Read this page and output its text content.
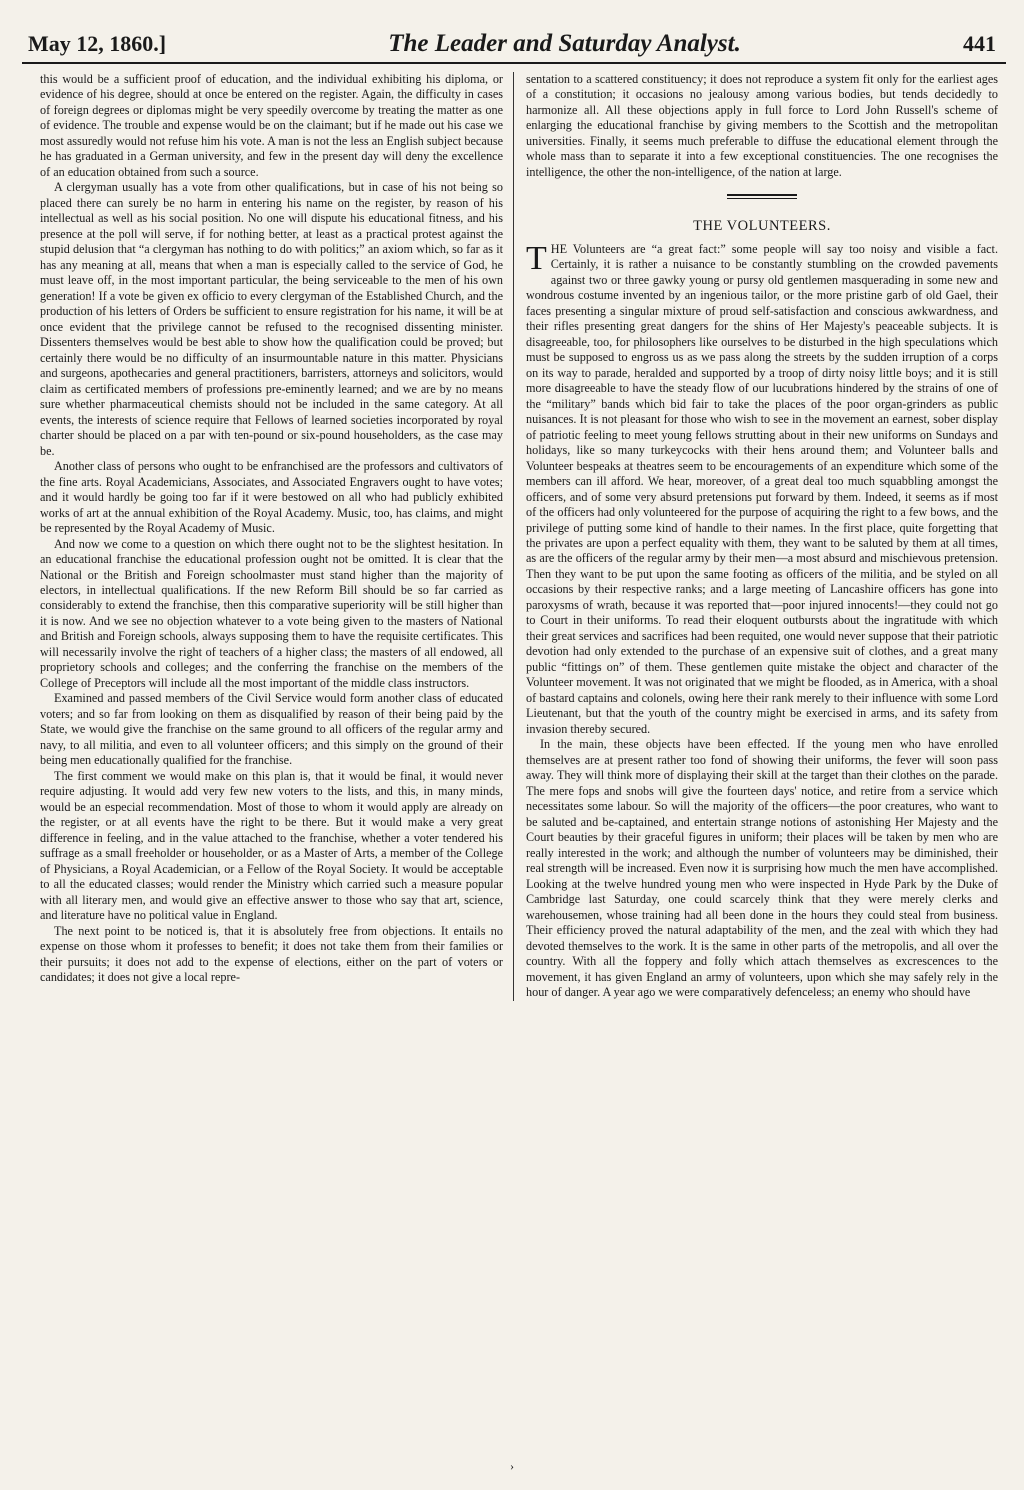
May 12, 1860.]	The Leader and Saturday Analyst.	441

this would be a sufficient proof of education, and the individual exhibiting his diploma, or evidence of his degree, should at once be entered on the register. Again, the difficulty in cases of foreign degrees or diplomas might be very speedily overcome by treating the matter as one of evidence. The trouble and expense would be on the claimant; but if he made out his case we most assuredly would not refuse him his vote. A man is not the less an English subject because he has graduated in a German university, and few in the present day will deny the excellence of an education obtained from such a source.

A clergyman usually has a vote from other qualifications, but in case of his not being so placed there can surely be no harm in entering his name on the register, by reason of his intellectual as well as his social position. No one will dispute his educational fitness, and his presence at the poll will serve, if for nothing better, at least as a practical protest against the stupid delusion that “a clergyman has nothing to do with politics;” an axiom which, so far as it has any meaning at all, means that when a man is especially called to the service of God, he must leave off, in the most important particular, the being serviceable to the men of his own generation! If a vote be given ex officio to every clergyman of the Established Church, and the production of his letters of Orders be sufficient to ensure registration for his name, it will be at once evident that the privilege cannot be refused to the recognised dissenting minister. Dissenters themselves would be best able to show how the qualification could be proved; but certainly there would be no difficulty of an insurmountable nature in this matter. Physicians and surgeons, apothecaries and general practitioners, barristers, attorneys and solicitors, would claim as certificated members of professions pre-eminently learned; and we are by no means sure whether pharmaceutical chemists should not be included in the same category. At all events, the interests of science require that Fellows of learned societies incorporated by royal charter should be placed on a par with ten-pound or six-pound householders, as the case may be.

Another class of persons who ought to be enfranchised are the professors and cultivators of the fine arts. Royal Academicians, Associates, and Associated Engravers ought to have votes; and it would hardly be going too far if it were bestowed on all who had publicly exhibited works of art at the annual exhibition of the Royal Academy. Music, too, has claims, and might be represented by the Royal Academy of Music.

And now we come to a question on which there ought not to be the slightest hesitation. In an educational franchise the educational profession ought not be omitted. It is clear that the National or the British and Foreign schoolmaster must stand higher than the majority of electors, in intellectual qualifications. If the new Reform Bill should be so far carried as considerably to extend the franchise, then this comparative superiority will be still higher than it is now. And we see no objection whatever to a vote being given to the masters of National and British and Foreign schools, always supposing them to have the requisite certificates. This will necessarily involve the right of teachers of a higher class; the masters of all endowed, all proprietory schools and colleges; and the conferring the franchise on the members of the College of Preceptors will include all the most important of the middle class instructors.

Examined and passed members of the Civil Service would form another class of educated voters; and so far from looking on them as disqualified by reason of their being paid by the State, we would give the franchise on the same ground to all officers of the regular army and navy, to all militia, and even to all volunteer officers; and this simply on the ground of their being men educationally qualified for the franchise.

The first comment we would make on this plan is, that it would be final, it would never require adjusting. It would add very few new voters to the lists, and this, in many minds, would be an especial recommendation. Most of those to whom it would apply are already on the register, or at all events have the right to be there. But it would make a very great difference in feeling, and in the value attached to the franchise, whether a voter tendered his suffrage as a small freeholder or householder, or as a Master of Arts, a member of the College of Physicians, a Royal Academician, or a Fellow of the Royal Society. It would be acceptable to all the educated classes; would render the Ministry which carried such a measure popular with all literary men, and would give an effective answer to those who say that art, science, and literature have no political value in England.

The next point to be noticed is, that it is absolutely free from objections. It entails no expense on those whom it professes to benefit; it does not take them from their families or their pursuits; it does not add to the expense of elections, either on the part of voters or candidates; it does not give a local repre-

sentation to a scattered constituency; it does not reproduce a system fit only for the earliest ages of a constitution; it occasions no jealousy among various bodies, but tends decidedly to harmonize all. All these objections apply in full force to Lord John Russell's scheme of enlarging the educational franchise by giving members to the Scottish and the metropolitan universities. Finally, it seems much preferable to diffuse the educational element through the whole mass than to separate it into a few exceptional constituencies. The one recognises the intelligence, the other the non-intelligence, of the nation at large.

THE VOLUNTEERS.

THE Volunteers are “a great fact:” some people will say too noisy and visible a fact. Certainly, it is rather a nuisance to be constantly stumbling on the crowded pavements against two or three gawky young or pursy old gentlemen masquerading in some new and wondrous costume invented by an ingenious tailor, or the more pristine garb of old Gael, their faces presenting a singular mixture of proud self-satisfaction and conscious awkwardness, and their rifles presenting great dangers for the shins of Her Majesty's peaceable subjects. It is disagreeable, too, for philosophers like ourselves to be disturbed in the high speculations which must be supposed to engross us as we pass along the streets by the sudden irruption of a corps on its way to parade, heralded and supported by a troop of dirty noisy little boys; and it is still more disagreeable to have the steady flow of our lucubrations hindered by the strains of one of the “military” bands which bid fair to take the places of the poor organ-grinders as public nuisances. It is not pleasant for those who wish to see in the movement an earnest, sober display of patriotic feeling to meet young fellows strutting about in their new uniforms on Sundays and holidays, like so many turkeycocks with their hens around them; and Volunteer balls and Volunteer bespeaks at theatres seem to be encouragements of an expenditure which some of the members can ill afford. We hear, moreover, of a great deal too much squabbling amongst the officers, and of some very absurd pretensions put forward by them. Indeed, it seems as if most of the officers had only volunteered for the purpose of acquiring the right to a few bows, and the privilege of putting some kind of handle to their names. In the first place, quite forgetting that the privates are upon a perfect equality with them, they want to be saluted by them at all times, as are the officers of the regular army by their men—a most absurd and mischievous pretension. Then they want to be put upon the same footing as officers of the militia, and be styled on all occasions by their respective ranks; and a large meeting of Lancashire officers has gone into paroxysms of wrath, because it was reported that—poor injured innocents!—they could not go to Court in their uniforms. To read their eloquent outbursts about the ingratitude with which their great services and sacrifices had been requited, one would never suppose that their patriotic devotion had only extended to the purchase of an expensive suit of clothes, and a great many public “fittings on” of them. These gentlemen quite mistake the object and character of the Volunteer movement. It was not originated that we might be flooded, as in America, with a shoal of bastard captains and colonels, owing here their rank merely to their influence with some Lord Lieutenant, but that the youth of the country might be exercised in arms, and its safety from invasion thereby secured.

In the main, these objects have been effected. If the young men who have enrolled themselves are at present rather too fond of showing their uniforms, the fever will soon pass away. They will think more of displaying their skill at the target than their clothes on the parade. The mere fops and snobs will give the fourteen days' notice, and retire from a service which necessitates some labour. So will the majority of the officers—the poor creatures, who want to be saluted and be-captained, and entertain strange notions of astonishing Her Majesty and the Court beauties by their graceful figures in uniform; their places will be taken by men who are really interested in the work; and although the number of volunteers may be diminished, their real strength will be increased. Even now it is surprising how much the men have accomplished. Looking at the twelve hundred young men who were inspected in Hyde Park by the Duke of Cambridge last Saturday, one could scarcely think that they were merely clerks and warehousemen, whose training had all been done in the hours they could steal from business. Their efficiency proved the natural adaptability of the men, and the zeal with which they had devoted themselves to the work. It is the same in other parts of the metropolis, and all over the country. With all the foppery and folly which attach themselves as excrescences to the movement, it has given England an army of volunteers, upon which she may safely rely in the hour of danger. A year ago we were comparatively defenceless; an enemy who should have

›
